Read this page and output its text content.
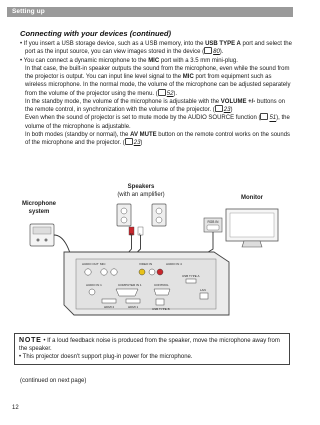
Setting up
Connecting with your devices (continued)

• If you insert a USB storage device, such as a USB memory, into the USB TYPE A port and select the port as the input source, you can view images stored in the device ( 80).

• You can connect a dynamic microphone to the MIC port with a 3.5 mm mini-plug.

In that case, the built-in speaker outputs the sound from the microphone, even while the sound from the projector is output. You can input line level signal to the MIC port from equipment such as wireless microphone. In the normal mode, the volume of the microphone can be adjusted separately from the volume of the projector using the menu. ( 52).

In the standby mode, the volume of the microphone is adjustable with the VOLUME +/- buttons on the remote control, in synchronization with the volume of the projector. ( 23)

Even when the sound of projector is set to mute mode by the AUDIO SOURCE function ( 51), the volume of the microphone is adjustable.

In both modes (standby or normal), the AV MUTE button on the remote control works on the sounds of the microphone and the projector. ( 23)

Microphone
system
Speakers
(with an amplifier)
Monitor
R L
RGB IN
AUDIO OUT MIC	VIDEO IN	AUDIO IN 4
USB TYPE A
AUDIO IN 1	COMPUTER IN 1	CONTROL
LAN
HDMI 2	HDMI 1	USB TYPE B
NOTE • If a loud feedback noise is produced from the speaker, move the microphone away from the speaker.
• This projector doesn't support plug-in power for the microphone.
(continued on next page)
12
